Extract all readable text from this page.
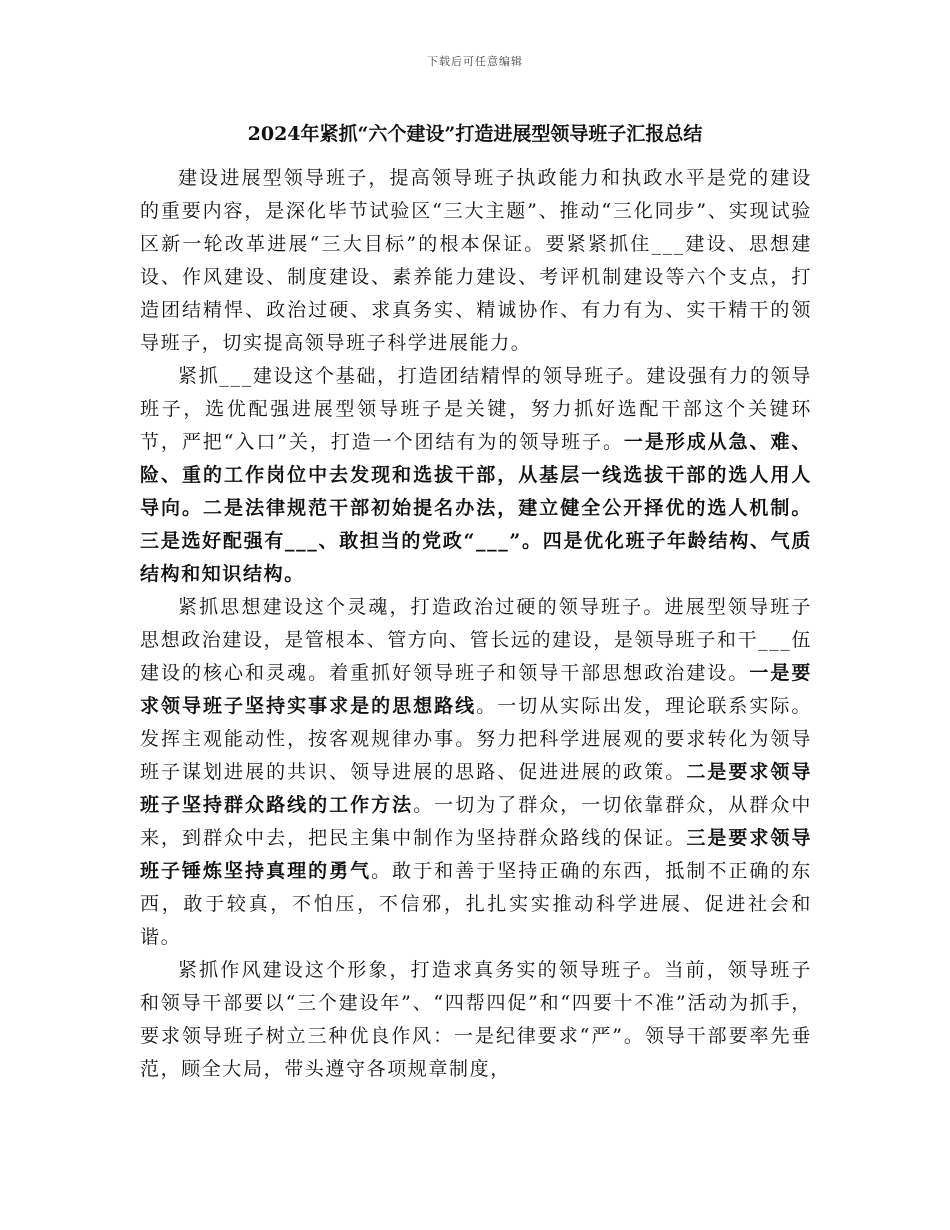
下载后可任意编辑
2024年紧抓“六个建设”打造进展型领导班子汇报总结

建设进展型领导班子，提高领导班子执政能力和执政水平是党的建设的重要内容，是深化毕节试验区“三大主题”、推动“三化同步”、实现试验区新一轮改革进展“三大目标”的根本保证。要紧紧抓住___建设、思想建设、作风建设、制度建设、素养能力建设、考评机制建设等六个支点，打造团结精悍、政治过硬、求真务实、精诚协作、有力有为、实干精干的领导班子，切实提高领导班子科学进展能力。

紧抓___建设这个基础，打造团结精悍的领导班子。建设强有力的领导班子，选优配强进展型领导班子是关键，努力抓好选配干部这个关键环节，严把“入口”关，打造一个团结有为的领导班子。一是形成从急、难、险、重的工作岗位中去发现和选拔干部，从基层一线选拔干部的选人用人导向。二是法律规范干部初始提名办法，建立健全公开择优的选人机制。三是选好配强有___、敢担当的党政“___”。四是优化班子年龄结构、气质结构和知识结构。

紧抓思想建设这个灵魂，打造政治过硬的领导班子。进展型领导班子思想政治建设，是管根本、管方向、管长远的建设，是领导班子和干___伍建设的核心和灵魂。着重抓好领导班子和领导干部思想政治建设。一是要求领导班子坚持实事求是的思想路线。一切从实际出发，理论联系实际。发挥主观能动性，按客观规律办事。努力把科学进展观的要求转化为领导班子谋划进展的共识、领导进展的思路、促进进展的政策。二是要求领导班子坚持群众路线的工作方法。一切为了群众，一切依靠群众，从群众中来，到群众中去，把民主集中制作为坚持群众路线的保证。三是要求领导班子锤炼坚持真理的勇气。敢于和善于坚持正确的东西，抵制不正确的东西，敢于较真，不怕压，不信邪，扎扎实实推动科学进展、促进社会和谐。

紧抓作风建设这个形象，打造求真务实的领导班子。当前，领导班子和领导干部要以“三个建设年”、“四帮四促”和“四要十不准”活动为抓手，要求领导班子树立三种优良作风：一是纪律要求“严”。领导干部要率先垂范，顾全大局，带头遵守各项规章制度，
